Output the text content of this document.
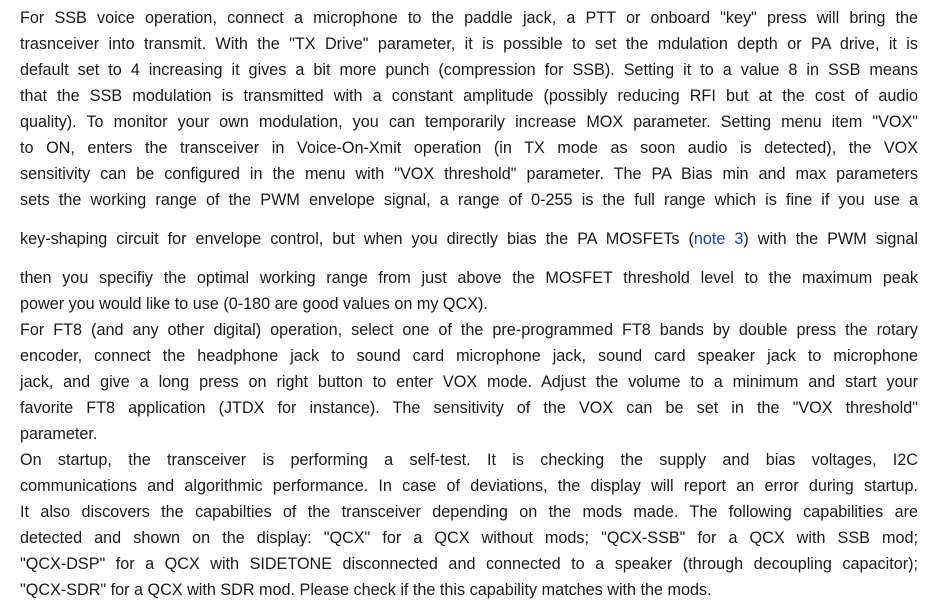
For SSB voice operation, connect a microphone to the paddle jack, a PTT or onboard "key" press will bring the
trasnceiver into transmit. With the "TX Drive" parameter, it is possible to set the mdulation depth or PA drive, it is
default set to 4 increasing it gives a bit more punch (compression for SSB). Setting it to a value 8 in SSB means
that the SSB modulation is transmitted with a constant amplitude (possibly reducing RFI but at the cost of audio
quality). To monitor your own modulation, you can temporarily increase MOX parameter. Setting menu item "VOX"
to ON, enters the transceiver in Voice-On-Xmit operation (in TX mode as soon audio is detected), the VOX
sensitivity can be configured in the menu with "VOX threshold" parameter. The PA Bias min and max parameters
sets the working range of the PWM envelope signal, a range of 0-255 is the full range which is fine if you use a
key-shaping circuit for envelope control, but when you directly bias the PA MOSFETs (note 3) with the PWM signal
then you specifiy the optimal working range from just above the MOSFET threshold level to the maximum peak
power you would like to use (0-180 are good values on my QCX).
For FT8 (and any other digital) operation, select one of the pre-programmed FT8 bands by double press the rotary
encoder, connect the headphone jack to sound card microphone jack, sound card speaker jack to microphone
jack, and give a long press on right button to enter VOX mode. Adjust the volume to a minimum and start your
favorite FT8 application (JTDX for instance). The sensitivity of the VOX can be set in the "VOX threshold"
parameter.
On startup, the transceiver is performing a self-test. It is checking the supply and bias voltages, I2C
communications and algorithmic performance. In case of deviations, the display will report an error during startup.
It also discovers the capabilties of the transceiver depending on the mods made. The following capabilities are
detected and shown on the display: "QCX" for a QCX without mods; "QCX-SSB" for a QCX with SSB mod;
"QCX-DSP" for a QCX with SIDETONE disconnected and connected to a speaker (through decoupling capacitor);
"QCX-SDR" for a QCX with SDR mod. Please check if the this capability matches with the mods.
